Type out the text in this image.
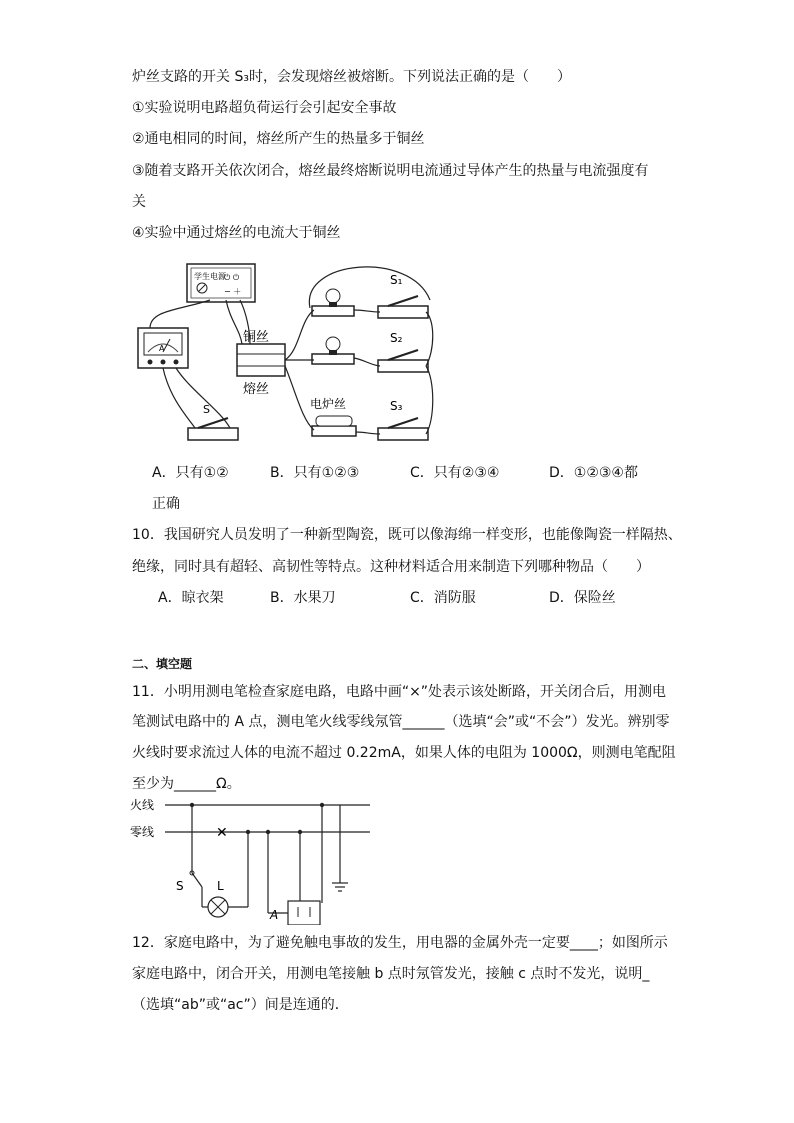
炉丝支路的开关 S₃时，会发现熔丝被熔断。下列说法正确的是（　　）
①实验说明电路超负荷运行会引起安全事故
②通电相同的时间，熔丝所产生的热量多于铜丝
③随着支路开关依次闭合，熔丝最终熔断说明电流通过导体产生的热量与电流强度有
关
④实验中通过熔丝的电流大于铜丝
学生电源
⏻ ⏻
− ＋
A
铜丝
熔丝
S	电炉丝
S₁
S₂
S₃
A．只有①②	B．只有①②③	C．只有②③④	D．①②③④都
正确
10．我国研究人员发明了一种新型陶瓷，既可以像海绵一样变形，也能像陶瓷一样隔热、
绝缘，同时具有超轻、高韧性等特点。这种材料适合用来制造下列哪种物品（　　）
A．晾衣架	B．水果刀	C．消防服	D．保险丝
二、填空题
11．小明用测电笔检查家庭电路，电路中画“×”处表示该处断路，开关闭合后，用测电
笔测试电路中的 A 点，测电笔火线零线氖管______（选填“会”或“不会”）发光。辨别零
火线时要求流过人体的电流不超过 0.22mA，如果人体的电阻为 1000Ω，则测电笔配阻
至少为______Ω。
火线
零线	✕
S	L
A
12．家庭电路中，为了避免触电事故的发生，用电器的金属外壳一定要____；如图所示
家庭电路中，闭合开关，用测电笔接触 b 点时氖管发光，接触 c 点时不发光，说明_
（选填“ab”或“ac”）间是连通的．
